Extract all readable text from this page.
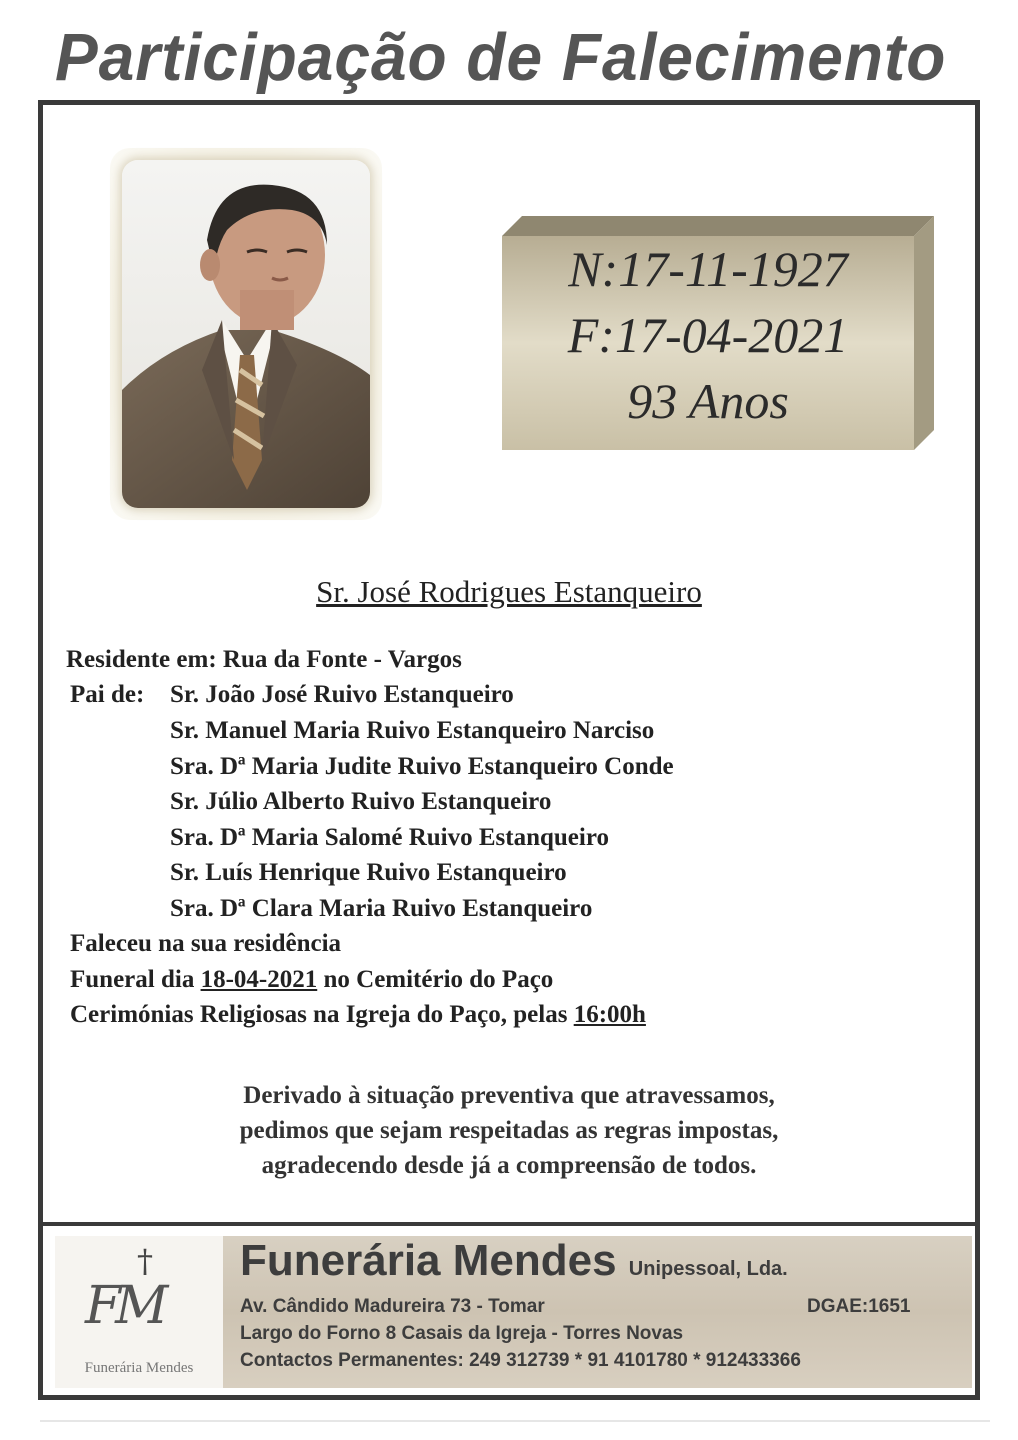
Participação de Falecimento
N:17-11-1927
F:17-04-2021
93 Anos
Sr. José Rodrigues Estanqueiro
Residente em: Rua da Fonte - Vargos
Pai de: Sr. João José Ruivo Estanqueiro
Sr. Manuel Maria Ruivo Estanqueiro Narciso
Sra. Dª Maria Judite Ruivo Estanqueiro Conde
Sr. Júlio Alberto Ruivo Estanqueiro
Sra. Dª Maria Salomé Ruivo Estanqueiro
Sr. Luís Henrique Ruivo Estanqueiro
Sra. Dª Clara Maria Ruivo Estanqueiro
Faleceu na sua residência
Funeral dia 18-04-2021 no Cemitério do Paço
Cerimónias Religiosas na Igreja do Paço, pelas 16:00h
Derivado à situação preventiva que atravessamos,
pedimos que sejam respeitadas as regras impostas,
agradecendo desde já a compreensão de todos.
†
FM
Funerária Mendes
Funerária Mendes Unipessoal, Lda.
Av. Cândido Madureira 73 - Tomar	DGAE:1651
Largo do Forno 8 Casais da Igreja - Torres Novas
Contactos Permanentes: 249 312739 * 91 4101780 * 912433366
